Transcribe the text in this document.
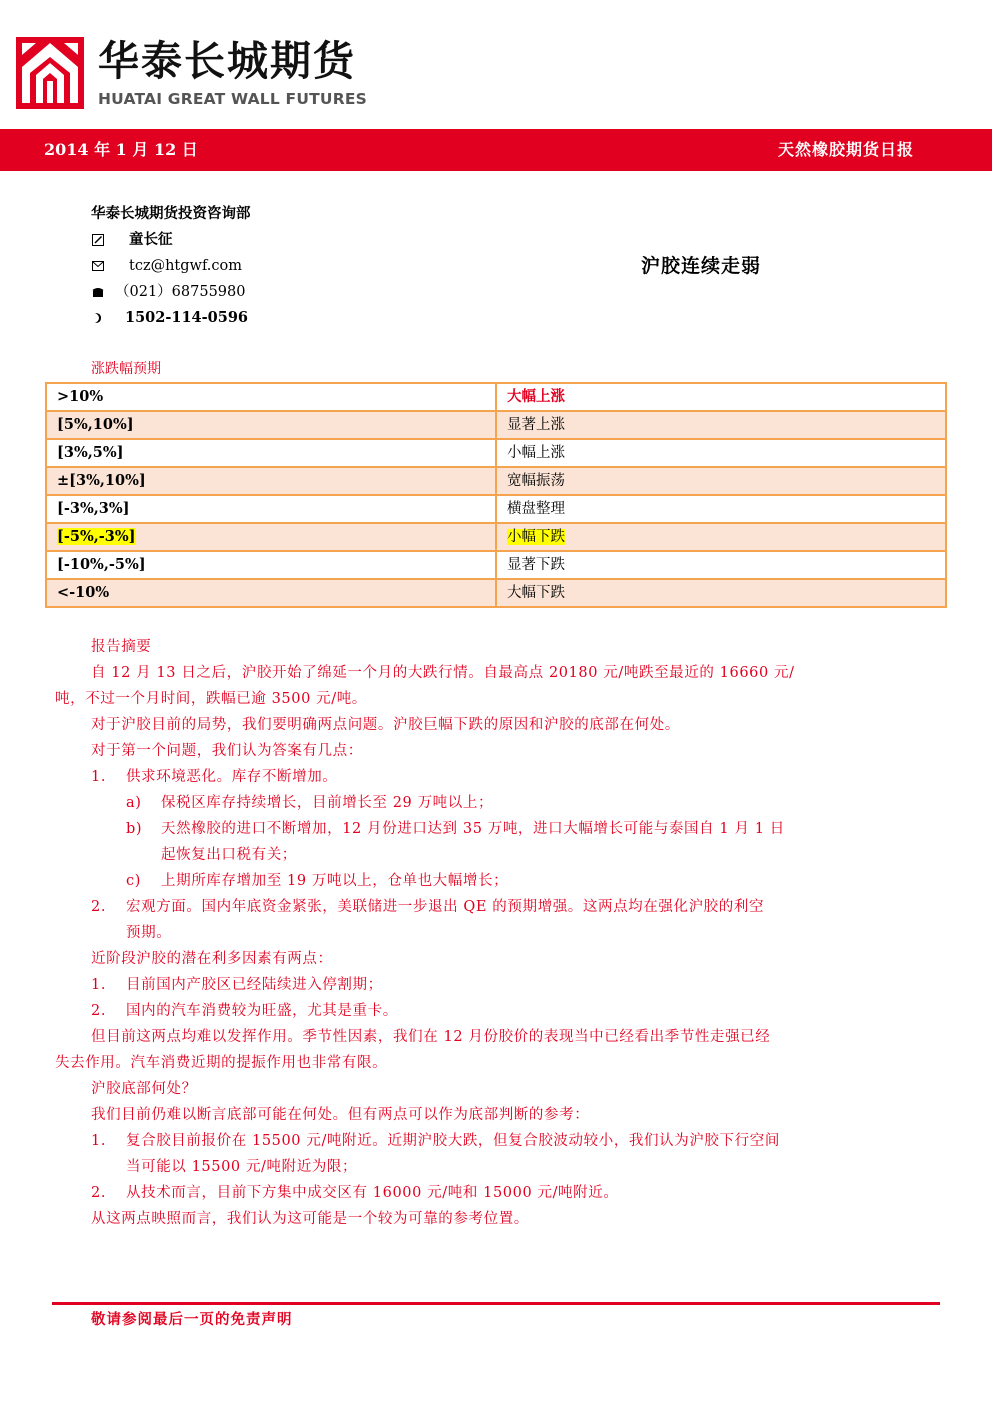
华泰长城期货
HUATAI GREAT WALL FUTURES
2014 年 1 月 12 日	天然橡胶期货日报
华泰长城期货投资咨询部
童长征
tcz@htgwf.com
（021）68755980
1502-114-0596
沪胶连续走弱
涨跌幅预期
>10%	大幅上涨
[5%,10%]	显著上涨
[3%,5%]	小幅上涨
±[3%,10%]	宽幅振荡
[-3%,3%]	横盘整理
[-5%,-3%]	小幅下跌
[-10%,-5%]	显著下跌
<-10%	大幅下跌
报告摘要
自 12 月 13 日之后，沪胶开始了绵延一个月的大跌行情。自最高点 20180 元/吨跌至最近的 16660 元/
吨，不过一个月时间，跌幅已逾 3500 元/吨。
对于沪胶目前的局势，我们要明确两点问题。沪胶巨幅下跌的原因和沪胶的底部在何处。
对于第一个问题，我们认为答案有几点：
1. 供求环境恶化。库存不断增加。
a) 保税区库存持续增长，目前增长至 29 万吨以上；
b) 天然橡胶的进口不断增加，12 月份进口达到 35 万吨，进口大幅增长可能与泰国自 1 月 1 日
起恢复出口税有关；
c) 上期所库存增加至 19 万吨以上，仓单也大幅增长；
2. 宏观方面。国内年底资金紧张，美联储进一步退出 QE 的预期增强。这两点均在强化沪胶的利空
预期。
近阶段沪胶的潜在利多因素有两点：
1. 目前国内产胶区已经陆续进入停割期；
2. 国内的汽车消费较为旺盛，尤其是重卡。
但目前这两点均难以发挥作用。季节性因素，我们在 12 月份胶价的表现当中已经看出季节性走强已经
失去作用。汽车消费近期的提振作用也非常有限。
沪胶底部何处？
我们目前仍难以断言底部可能在何处。但有两点可以作为底部判断的参考：
1. 复合胶目前报价在 15500 元/吨附近。近期沪胶大跌，但复合胶波动较小，我们认为沪胶下行空间
当可能以 15500 元/吨附近为限；
2. 从技术而言，目前下方集中成交区有 16000 元/吨和 15000 元/吨附近。
从这两点映照而言，我们认为这可能是一个较为可靠的参考位置。
敬请参阅最后一页的免责声明
